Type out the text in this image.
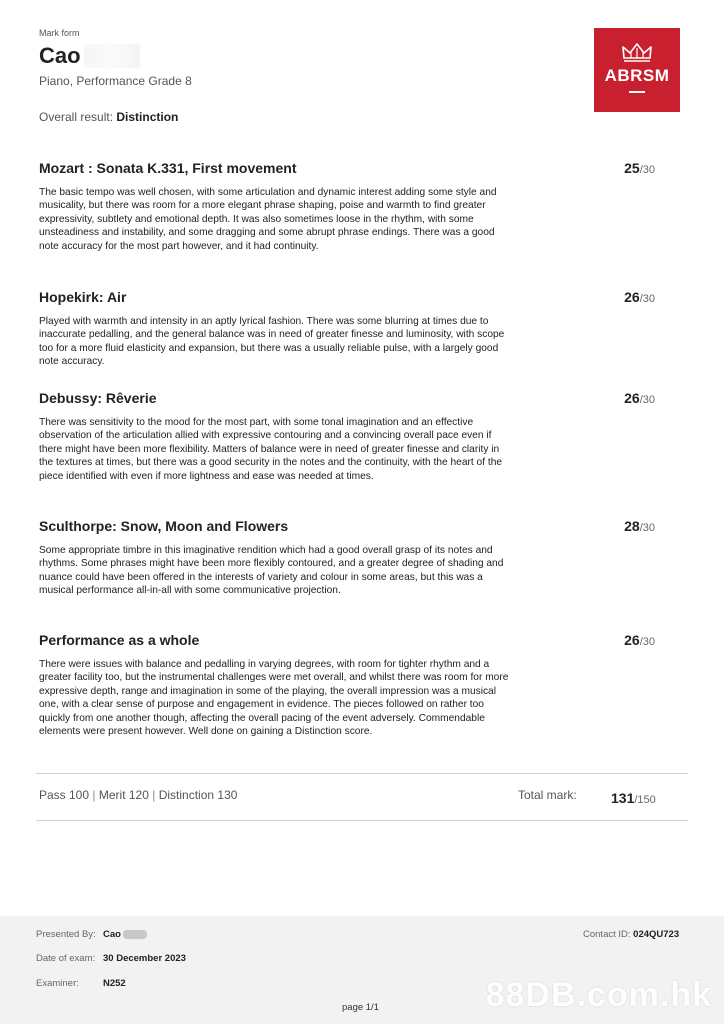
Mark form
Cao
Piano, Performance Grade 8
Overall result: Distinction
ABRSM
Mozart : Sonata K.331, First movement	25/30
The basic tempo was well chosen, with some articulation and dynamic interest adding some style and musicality, but there was room for a more elegant phrase shaping, poise and warmth to find greater expressivity, subtlety and emotional depth. It was also sometimes loose in the rhythm, with some unsteadiness and instability, and some dragging and some abrupt phrase endings. There was a good note accuracy for the most part however, and it had continuity.
Hopekirk: Air	26/30
Played with warmth and intensity in an aptly lyrical fashion. There was some blurring at times due to inaccurate pedalling, and the general balance was in need of greater finesse and luminosity, with scope too for a more fluid elasticity and expansion, but there was a usually reliable pulse, with a largely good note accuracy.
Debussy: Rêverie	26/30
There was sensitivity to the mood for the most part, with some tonal imagination and an effective observation of the articulation allied with expressive contouring and a convincing overall pace even if there might have been more flexibility. Matters of balance were in need of greater finesse and clarity in the textures at times, but there was a good security in the notes and the continuity, with the heart of the piece identified with even if more lightness and ease was needed at times.
Sculthorpe: Snow, Moon and Flowers	28/30
Some appropriate timbre in this imaginative rendition which had a good overall grasp of its notes and rhythms. Some phrases might have been more flexibly contoured, and a greater degree of shading and nuance could have been offered in the interests of variety and colour in some areas, but this was a musical performance all-in-all with some communicative projection.
Performance as a whole	26/30
There were issues with balance and pedalling in varying degrees, with room for tighter rhythm and a greater facility too, but the instrumental challenges were met overall, and whilst there was room for more expressive depth, range and imagination in some of the playing, the overall impression was a musical one, with a clear sense of purpose and engagement in evidence. The pieces followed on rather too quickly from one another though, affecting the overall pacing of the event adversely. Commendable elements were present however. Well done on gaining a Distinction score.
Pass 100 | Merit 120 | Distinction 130	Total mark: 131/150
Presented By: Cao
Date of exam: 30 December 2023
Examiner:	N252
Contact ID: 024QU723
page 1/1	88DB.com.hk
